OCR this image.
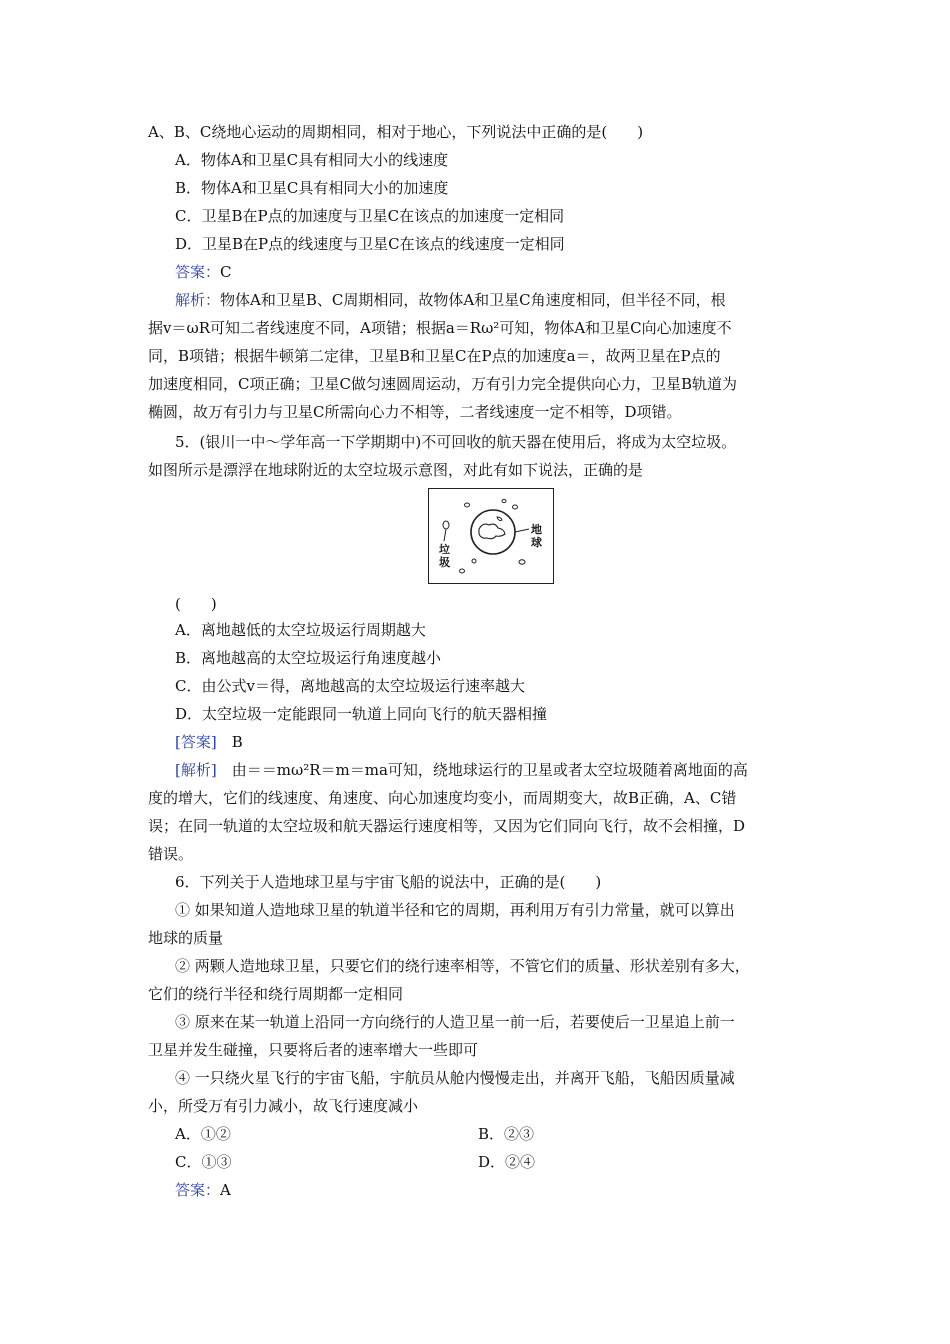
A、B、C绕地心运动的周期相同，相对于地心，下列说法中正确的是(　　)
A．物体A和卫星C具有相同大小的线速度
B．物体A和卫星C具有相同大小的加速度
C．卫星B在P点的加速度与卫星C在该点的加速度一定相同
D．卫星B在P点的线速度与卫星C在该点的线速度一定相同
答案：C
解析：物体A和卫星B、C周期相同，故物体A和卫星C角速度相同，但半径不同，根
据v＝ωR可知二者线速度不同，A项错；根据a＝Rω²可知，物体A和卫星C向心加速度不
同，B项错；根据牛顿第二定律，卫星B和卫星C在P点的加速度a＝，故两卫星在P点的
加速度相同，C项正确；卫星C做匀速圆周运动，万有引力完全提供向心力，卫星B轨道为
椭圆，故万有引力与卫星C所需向心力不相等，二者线速度一定不相等，D项错。
5．(银川一中～学年高一下学期期中)不可回收的航天器在使用后，将成为太空垃圾。
如图所示是漂浮在地球附近的太空垃圾示意图，对此有如下说法，正确的是
垃圾
地球
(　　)
A．离地越低的太空垃圾运行周期越大
B．离地越高的太空垃圾运行角速度越小
C．由公式v＝得，离地越高的太空垃圾运行速率越大
D．太空垃圾一定能跟同一轨道上同向飞行的航天器相撞
[答案]　 B
[解析]　 由＝＝mω²R＝m＝ma可知，绕地球运行的卫星或者太空垃圾随着离地面的高
度的增大，它们的线速度、角速度、向心加速度均变小，而周期变大，故B正确，A、C错
误；在同一轨道的太空垃圾和航天器运行速度相等，又因为它们同向飞行，故不会相撞，D
错误。
6．下列关于人造地球卫星与宇宙飞船的说法中，正确的是(　　)
① 如果知道人造地球卫星的轨道半径和它的周期，再利用万有引力常量，就可以算出
地球的质量
② 两颗人造地球卫星，只要它们的绕行速率相等，不管它们的质量、形状差别有多大，
它们的绕行半径和绕行周期都一定相同
③ 原来在某一轨道上沿同一方向绕行的人造卫星一前一后，若要使后一卫星追上前一
卫星并发生碰撞，只要将后者的速率增大一些即可
④ 一只绕火星飞行的宇宙飞船，宇航员从舱内慢慢走出，并离开飞船，飞船因质量减
小，所受万有引力减小，故飞行速度减小
A．①②	B．②③
C．①③	D．②④
答案：A
